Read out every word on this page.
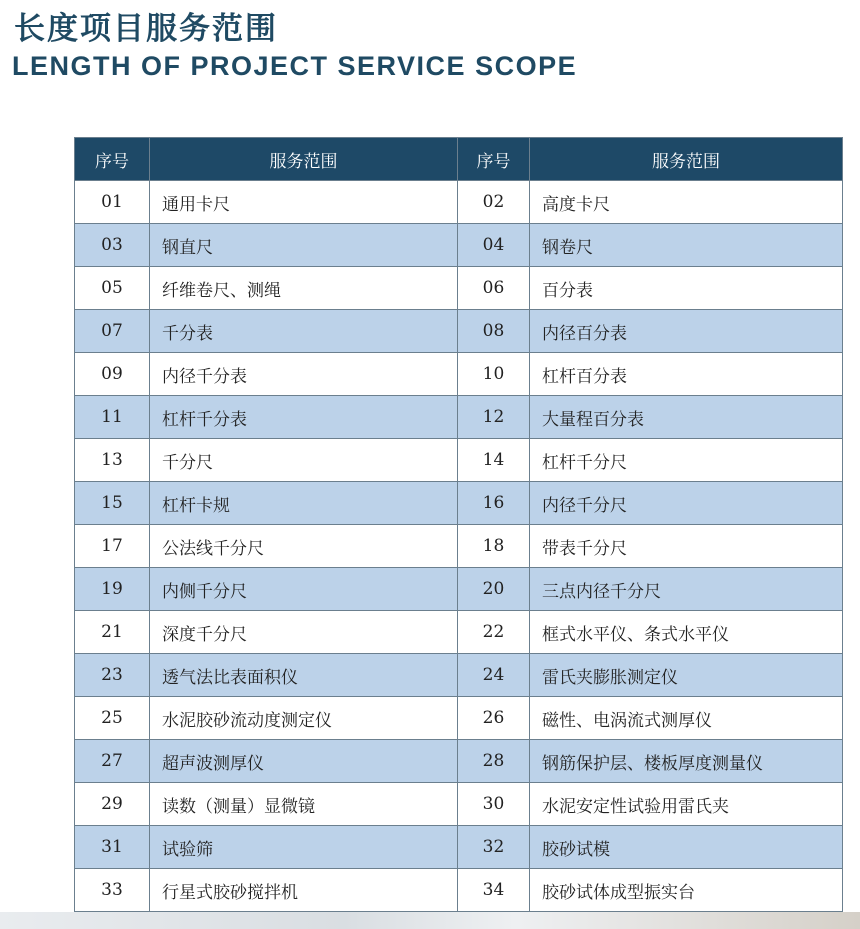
长度项目服务范围
LENGTH OF PROJECT SERVICE SCOPE
序号	服务范围	序号	服务范围
01	通用卡尺	02	高度卡尺
03	钢直尺	04	钢卷尺
05	纤维卷尺、测绳	06	百分表
07	千分表	08	内径百分表
09	内径千分表	10	杠杆百分表
11	杠杆千分表	12	大量程百分表
13	千分尺	14	杠杆千分尺
15	杠杆卡规	16	内径千分尺
17	公法线千分尺	18	带表千分尺
19	内侧千分尺	20	三点内径千分尺
21	深度千分尺	22	框式水平仪、条式水平仪
23	透气法比表面积仪	24	雷氏夹膨胀测定仪
25	水泥胶砂流动度测定仪	26	磁性、电涡流式测厚仪
27	超声波测厚仪	28	钢筋保护层、楼板厚度测量仪
29	读数（测量）显微镜	30	水泥安定性试验用雷氏夹
31	试验筛	32	胶砂试模
33	行星式胶砂搅拌机	34	胶砂试体成型振实台
